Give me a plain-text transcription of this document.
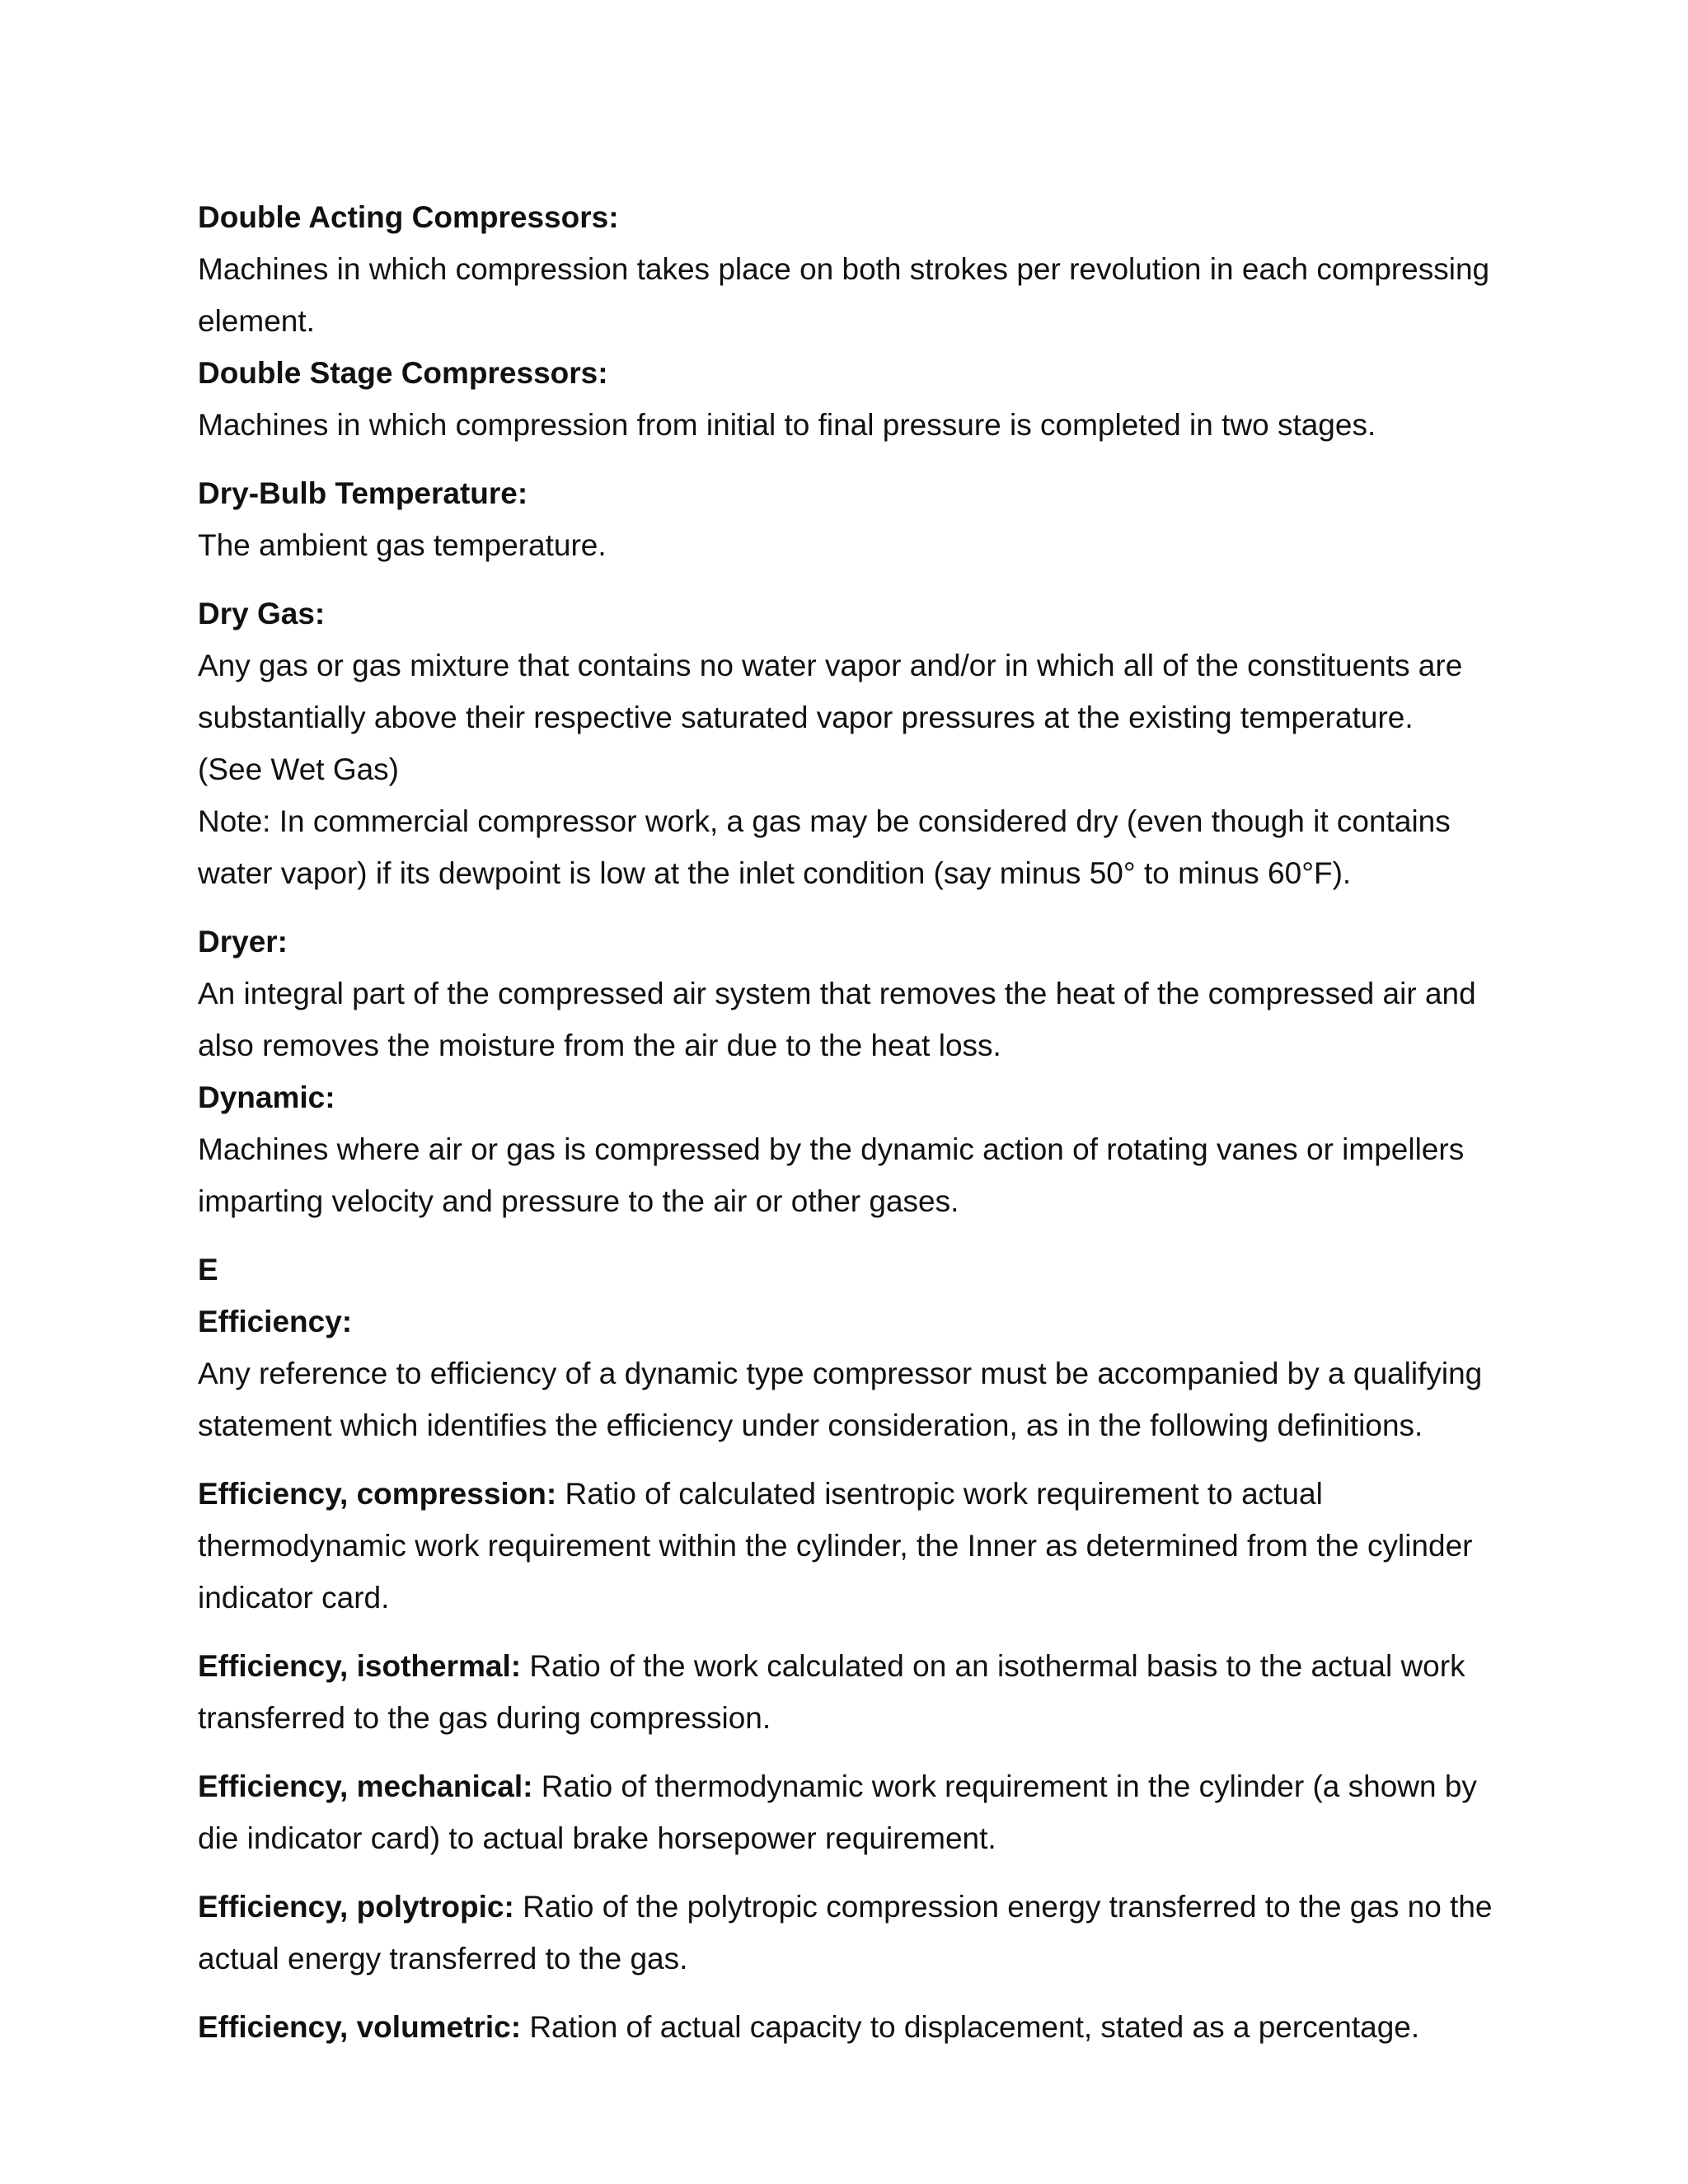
Double Acting Compressors:

Machines in which compression takes place on both strokes per revolution in each compressing element.

Double Stage Compressors:

Machines in which compression from initial to final pressure is completed in two stages.

Dry-Bulb Temperature:

The ambient gas temperature.

Dry Gas:

Any gas or gas mixture that contains no water vapor and/or in which all of the constituents are substantially above their respective saturated vapor pressures at the existing temperature.

(See Wet Gas)

Note: In commercial compressor work, a gas may be considered dry (even though it contains water vapor) if its dewpoint is low at the inlet condition (say minus 50° to minus 60°F).

Dryer:

An integral part of the compressed air system that removes the heat of the compressed air and also removes the moisture from the air due to the heat loss.

Dynamic:

Machines where air or gas is compressed by the dynamic action of rotating vanes or impellers imparting velocity and pressure to the air or other gases.

E

Efficiency:

Any reference to efficiency of a dynamic type compressor must be accompanied by a qualifying statement which identifies the efficiency under consideration, as in the following definitions.

Efficiency, compression: Ratio of calculated isentropic work requirement to actual thermodynamic work requirement within the cylinder, the Inner as determined from the cylinder indicator card.

Efficiency, isothermal: Ratio of the work calculated on an isothermal basis to the actual work transferred to the gas during compression.

Efficiency, mechanical: Ratio of thermodynamic work requirement in the cylinder (a shown by die indicator card) to actual brake horsepower requirement.

Efficiency, polytropic: Ratio of the polytropic compression energy transferred to the gas no the actual energy transferred to the gas.

Efficiency, volumetric: Ration of actual capacity to displacement, stated as a percentage.
